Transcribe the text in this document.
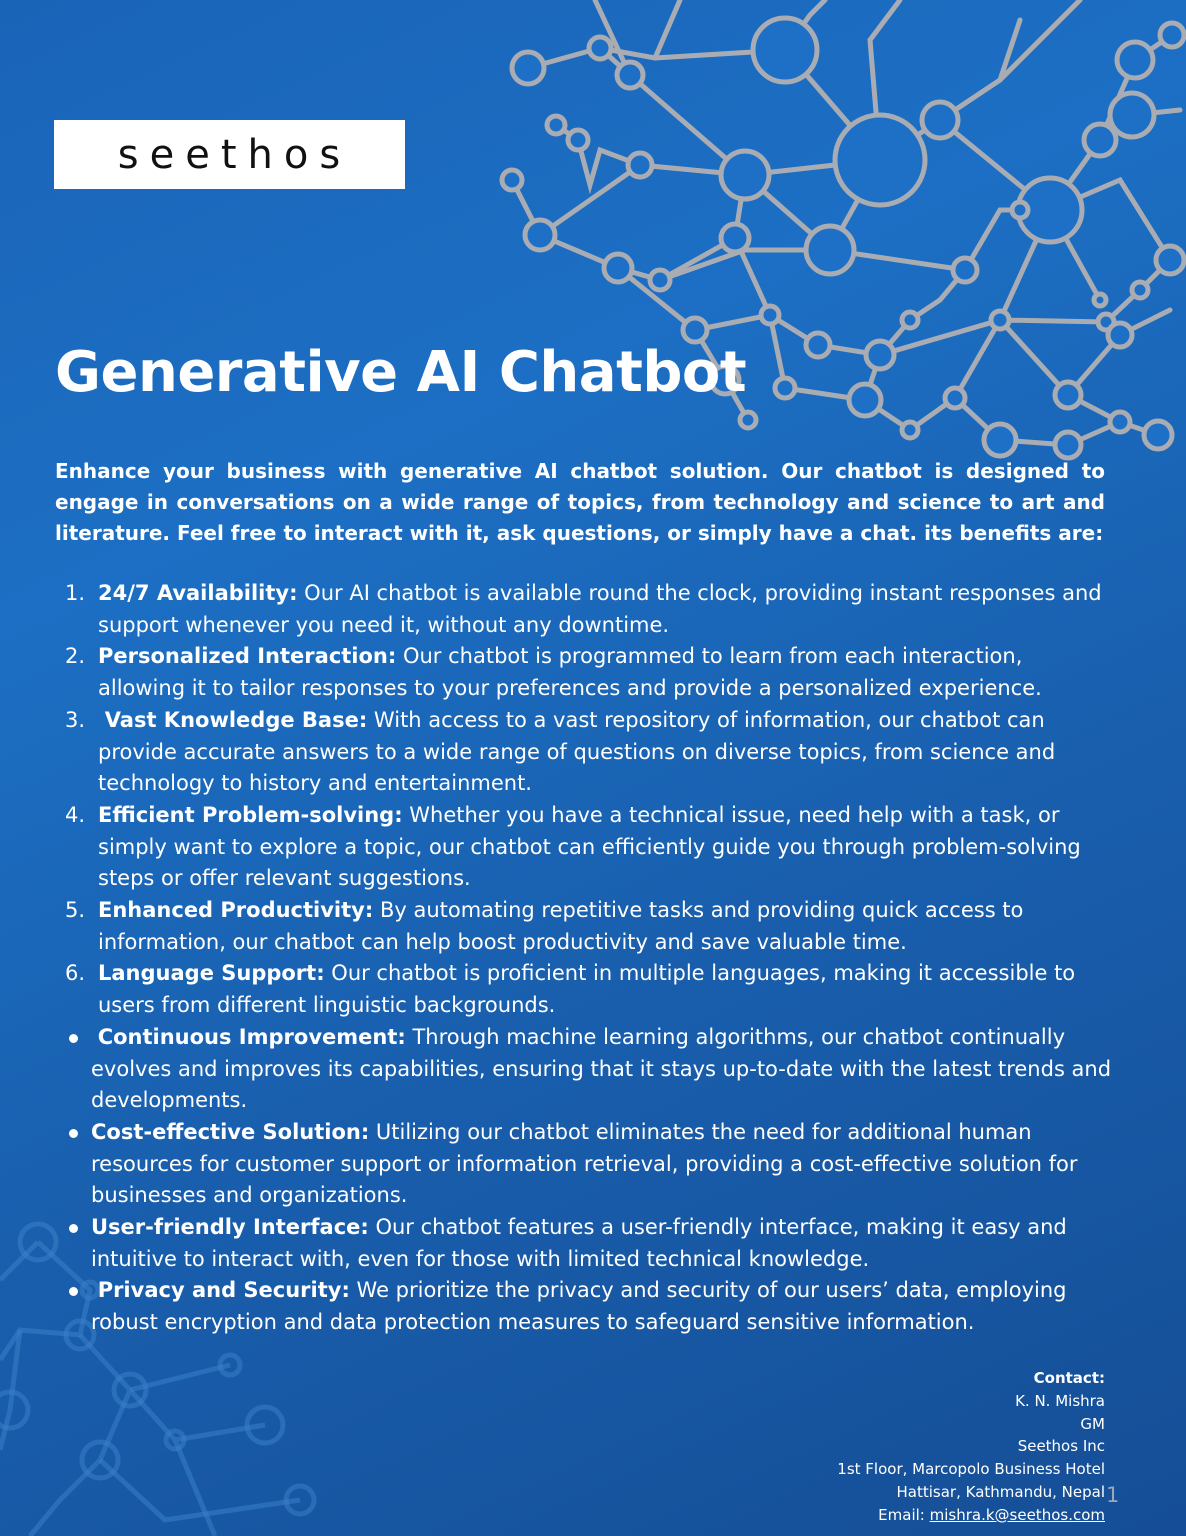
seethos
Generative AI Chatbot

Enhance your business with generative AI chatbot solution. Our chatbot is designed to engage in conversations on a wide range of topics, from technology and science to art and literature. Feel free to interact with it, ask questions, or simply have a chat. its benefits are:

1. 24/7 Availability: Our AI chatbot is available round the clock, providing instant responses and support whenever you need it, without any downtime.
2. Personalized Interaction: Our chatbot is programmed to learn from each interaction, allowing it to tailor responses to your preferences and provide a personalized experience.
3. Vast Knowledge Base: With access to a vast repository of information, our chatbot can provide accurate answers to a wide range of questions on diverse topics, from science and technology to history and entertainment.
4. Efficient Problem-solving: Whether you have a technical issue, need help with a task, or simply want to explore a topic, our chatbot can efficiently guide you through problem-solving steps or offer relevant suggestions.
5. Enhanced Productivity: By automating repetitive tasks and providing quick access to information, our chatbot can help boost productivity and save valuable time.
6. Language Support: Our chatbot is proficient in multiple languages, making it accessible to users from different linguistic backgrounds.
Continuous Improvement: Through machine learning algorithms, our chatbot continually evolves and improves its capabilities, ensuring that it stays up-to-date with the latest trends and developments.
Cost-effective Solution: Utilizing our chatbot eliminates the need for additional human resources for customer support or information retrieval, providing a cost-effective solution for businesses and organizations.
User-friendly Interface: Our chatbot features a user-friendly interface, making it easy and intuitive to interact with, even for those with limited technical knowledge.
Privacy and Security: We prioritize the privacy and security of our users’ data, employing robust encryption and data protection measures to safeguard sensitive information.
Contact:
K. N. Mishra
GM
Seethos Inc
1st Floor, Marcopolo Business Hotel
Hattisar, Kathmandu, Nepal
Email: mishra.k@seethos.com
1
